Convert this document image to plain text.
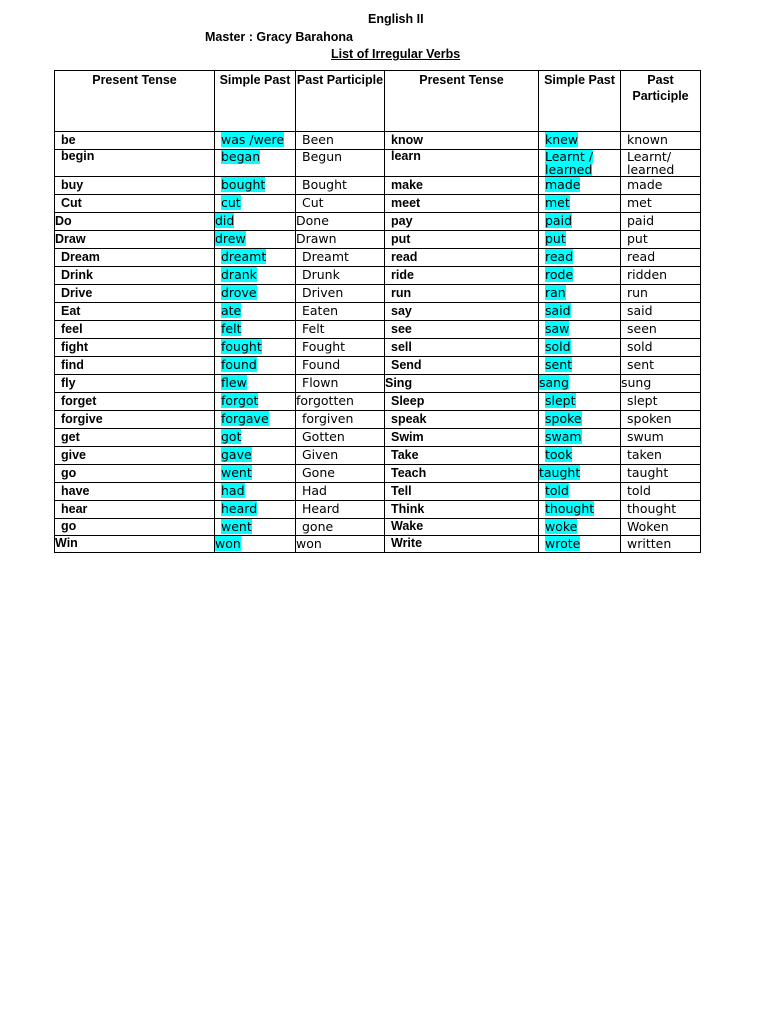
English II
Master : Gracy Barahona
List of Irregular Verbs
Present Tense	Simple Past	Past Participle	Present Tense	Simple Past	Past Participle
be	was /were	Been	know	knew	known
begin	began	Begun	learn	Learnt / learned	Learnt/ learned
buy	bought	Bought	make	made	made
Cut	cut	Cut	meet	met	met
Do	did	Done	pay	paid	paid
Draw	drew	Drawn	put	put	put
Dream	dreamt	Dreamt	read	read	read
Drink	drank	Drunk	ride	rode	ridden
Drive	drove	Driven	run	ran	run
Eat	ate	Eaten	say	said	said
feel	felt	Felt	see	saw	seen
fight	fought	Fought	sell	sold	sold
find	found	Found	Send	sent	sent
fly	flew	Flown	Sing	sang	sung
forget	forgot	forgotten	Sleep	slept	slept
forgive	forgave	forgiven	speak	spoke	spoken
get	got	Gotten	Swim	swam	swum
give	gave	Given	Take	took	taken
go	went	Gone	Teach	taught	taught
have	had	Had	Tell	told	told
hear	heard	Heard	Think	thought	thought
go	went	gone	Wake	woke	Woken
Win	won	won	Write	wrote	written
